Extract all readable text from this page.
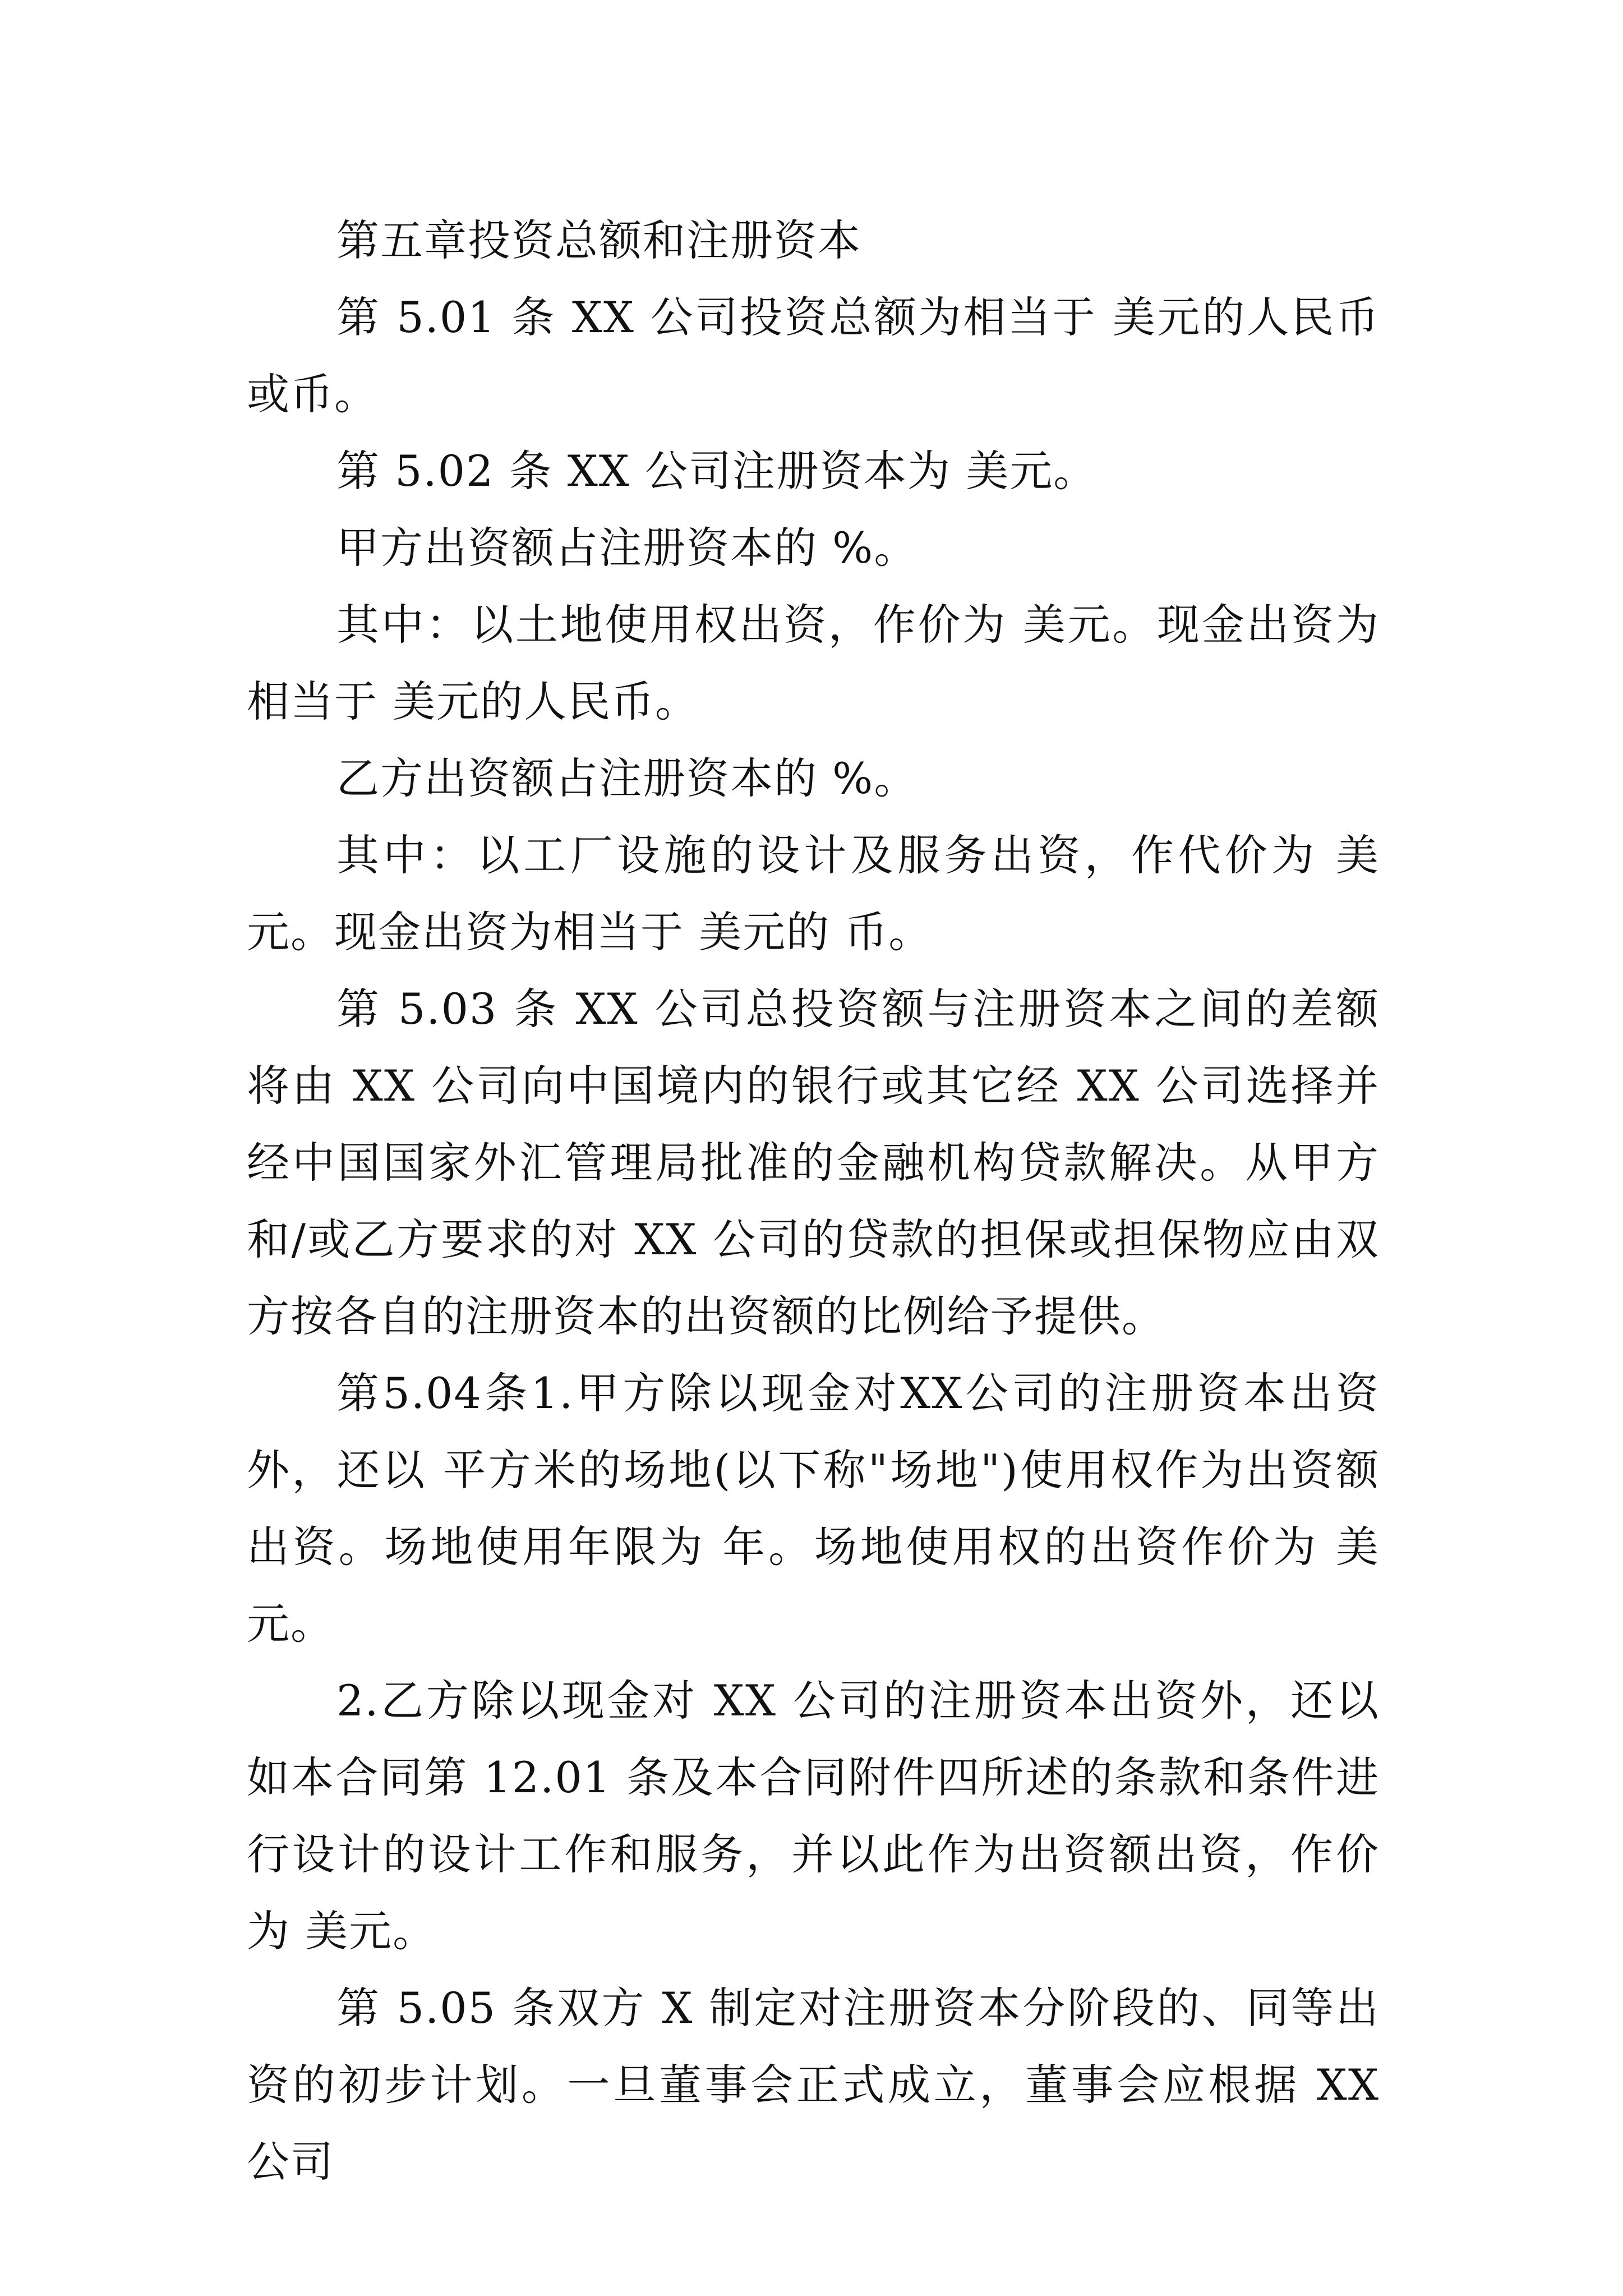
第五章投资总额和注册资本

第 5.01 条 XX 公司投资总额为相当于 美元的人民币或币。

第 5.02 条 XX 公司注册资本为 美元。

甲方出资额占注册资本的 %。

其中：以土地使用权出资，作价为 美元。现金出资为相当于 美元的人民币。

乙方出资额占注册资本的 %。

其中：以工厂设施的设计及服务出资，作代价为 美元。现金出资为相当于 美元的 币。

第 5.03 条 XX 公司总投资额与注册资本之间的差额将由 XX 公司向中国境内的银行或其它经 XX 公司选择并经中国国家外汇管理局批准的金融机构贷款解决。从甲方和/或乙方要求的对 XX 公司的贷款的担保或担保物应由双方按各自的注册资本的出资额的比例给予提供。

第5.04条1.甲方除以现金对XX公司的注册资本出资外，还以 平方米的场地(以下称"场地")使用权作为出资额出资。场地使用年限为 年。场地使用权的出资作价为 美元。

2.乙方除以现金对 XX 公司的注册资本出资外，还以如本合同第 12.01 条及本合同附件四所述的条款和条件进行设计的设计工作和服务，并以此作为出资额出资，作价为 美元。

第 5.05 条双方 X 制定对注册资本分阶段的、同等出资的初步计划。一旦董事会正式成立，董事会应根据 XX 公司
